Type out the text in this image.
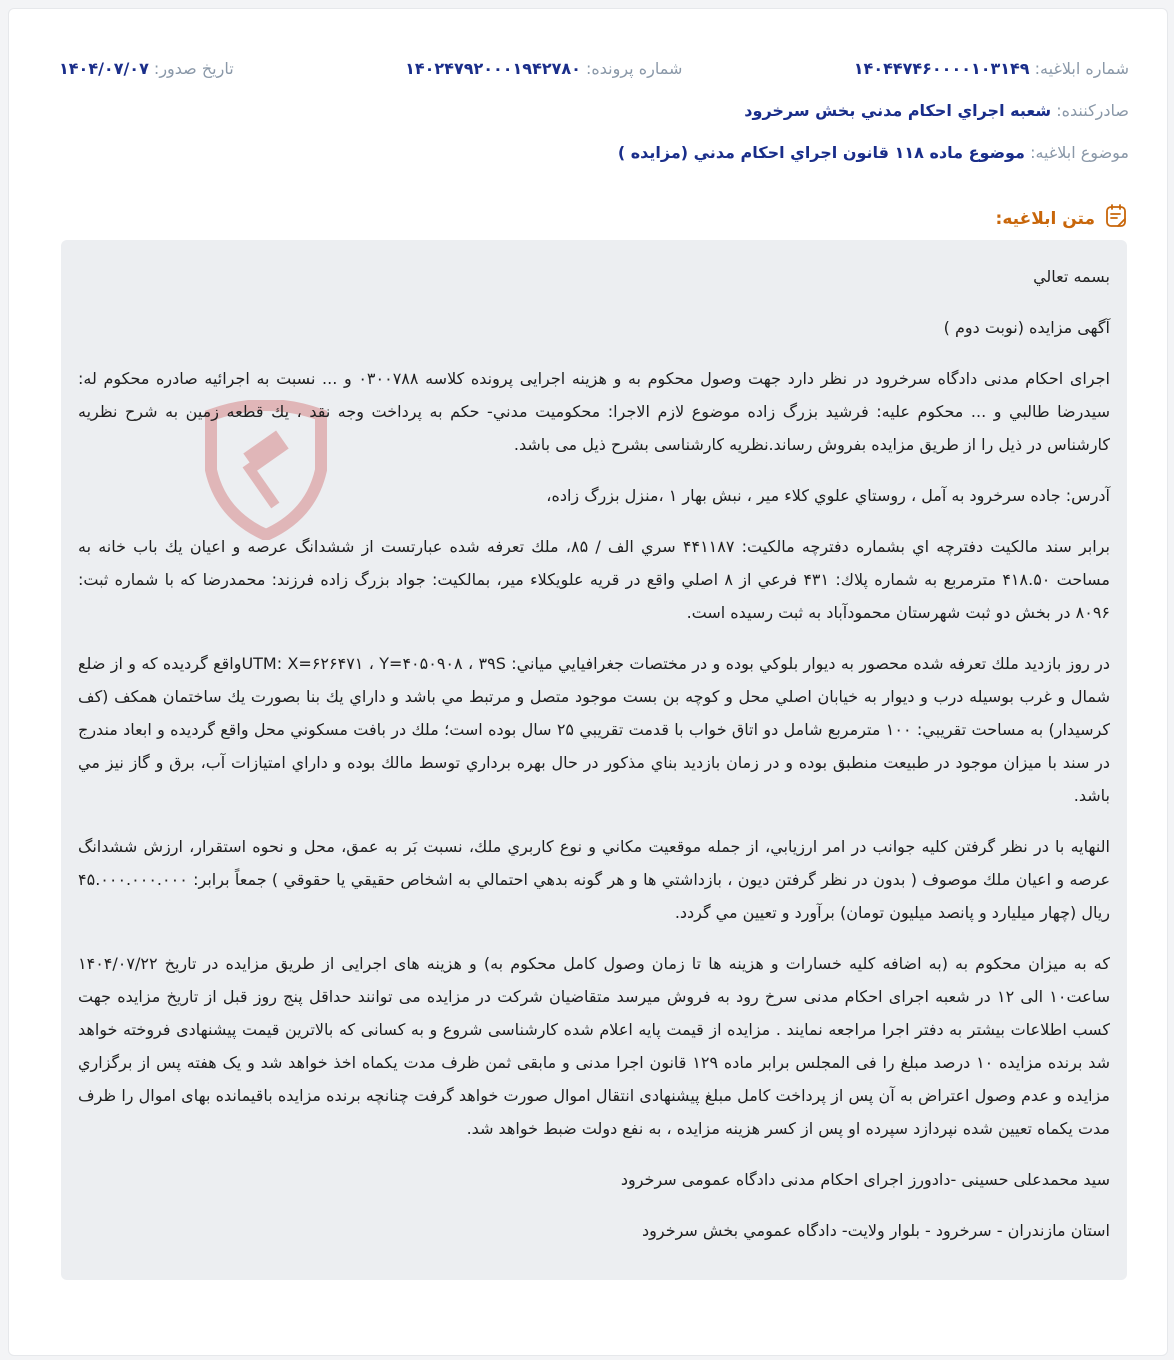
شماره ابلاغیه: ۱۴۰۴۴۷۴۶۰۰۰۰۱۰۳۱۴۹
شماره پرونده: ۱۴۰۲۴۷۹۲۰۰۰۱۹۴۲۷۸۰
تاریخ صدور: ۱۴۰۴/۰۷/۰۷
صادرکننده: شعبه اجراي احكام مدني بخش سرخرود
موضوع ابلاغیه: موضوع ماده ۱۱۸ قانون اجراي احكام مدني (مزايده )
متن ابلاغیه:

بسمه تعالي

آگهی مزايده (نوبت دوم )

اجرای احکام مدنی دادگاه سرخرود در نظر دارد جهت وصول محکوم به و هزینه اجرایی پرونده کلاسه ۰۳۰۰۷۸۸ و ... نسبت به اجرائیه صادره محكوم له: سيدرضا طالبي و ... محكوم عليه: فرشيد بزرگ زاده موضوع لازم الاجرا: محكوميت مدني- حكم به پرداخت وجه نقد ، يك قطعه زمين به شرح نظريه کارشناس در ذیل را از طریق مزایده بفروش رساند.نظریه کارشناسی بشرح ذیل می باشد.

آدرس: جاده سرخرود به آمل ، روستاي علوي كلاء مير ، نبش بهار ۱ ،منزل بزرگ زاده،

برابر سند مالكيت دفترچه اي بشماره دفترچه مالكيت: ۴۴۱۱۸۷ سري الف / ۸۵، ملك تعرفه شده عبارتست از ششدانگ عرصه و اعيان يك باب خانه به مساحت ۴۱۸.۵۰ مترمربع به شماره پلاك: ۴۳۱ فرعي از ۸ اصلي واقع در قريه علويكلاء مير، بمالكيت: جواد بزرگ زاده فرزند: محمدرضا كه با شماره ثبت: ۸۰۹۶ در بخش دو ثبت شهرستان محمودآباد به ثبت رسيده است.

در روز بازديد ملك تعرفه شده محصور به ديوار بلوكي بوده و در مختصات جغرافيايي مياني: UTM: X=۶۲۶۴۷۱ ، Y=۴۰۵۰۹۰۸ ، ۳۹Sواقع گرديده كه و از ضلع شمال و غرب بوسيله درب و ديوار به خيابان اصلي محل و كوچه بن بست موجود متصل و مرتبط مي باشد و داراي يك بنا بصورت يك ساختمان همكف (كف كرسيدار) به مساحت تقريبي: ۱۰۰ مترمربع شامل دو اتاق خواب با قدمت تقريبي ۲۵ سال بوده است؛ ملك در بافت مسكوني محل واقع گرديده و ابعاد مندرج در سند با ميزان موجود در طبيعت منطبق بوده و در زمان بازديد بناي مذكور در حال بهره برداري توسط مالك بوده و داراي امتيازات آب، برق و گاز نيز مي باشد.

النهايه با در نظر گرفتن كليه جوانب در امر ارزيابي، از جمله موقعيت مكاني و نوع كاربري ملك، نسبت بَر به عمق، محل و نحوه استقرار، ارزش ششدانگ عرصه و اعيان ملك موصوف ( بدون در نظر گرفتن ديون ، بازداشتي ها و هر گونه بدهي احتمالي به اشخاص حقيقي يا حقوقي ) جمعاً برابر: ۴۵.۰۰۰.۰۰۰.۰۰۰ ريال (چهار ميليارد و پانصد ميليون تومان) برآورد و تعيين مي گردد.

که به میزان محکوم به (به اضافه کلیه خسارات و هزینه ها تا زمان وصول کامل محکوم به) و هزینه های اجرایی از طریق مزایده در تاریخ ۱۴۰۴/۰۷/۲۲ ساعت۱۰ الی ۱۲ در شعبه اجرای احکام مدنی سرخ رود به فروش میرسد متقاضیان شرکت در مزایده می توانند حداقل پنج روز قبل از تاریخ مزایده جهت کسب اطلاعات بیشتر به دفتر اجرا مراجعه نمایند . مزایده از قیمت پایه اعلام شده کارشناسی شروع و به کسانی که بالاترین قیمت پیشنهادی فروخته خواهد شد برنده مزایده ۱۰ درصد مبلغ را فی المجلس برابر ماده ۱۲۹ قانون اجرا مدنی و مابقی ثمن ظرف مدت یکماه اخذ خواهد شد و یک هفته پس از برگزاري مزایده و عدم وصول اعتراض به آن پس از پرداخت کامل مبلغ پیشنهادی انتقال اموال صورت خواهد گرفت چنانچه برنده مزایده باقیمانده بهای اموال را ظرف مدت یکماه تعیین شده نپردازد سپرده او پس از کسر هزینه مزایده ، به نفع دولت ضبط خواهد شد.

سید محمدعلی حسینی -دادورز اجرای احکام مدنی دادگاه عمومی سرخرود

استان مازندران - سرخرود - بلوار ولايت- دادگاه عمومي بخش سرخرود
